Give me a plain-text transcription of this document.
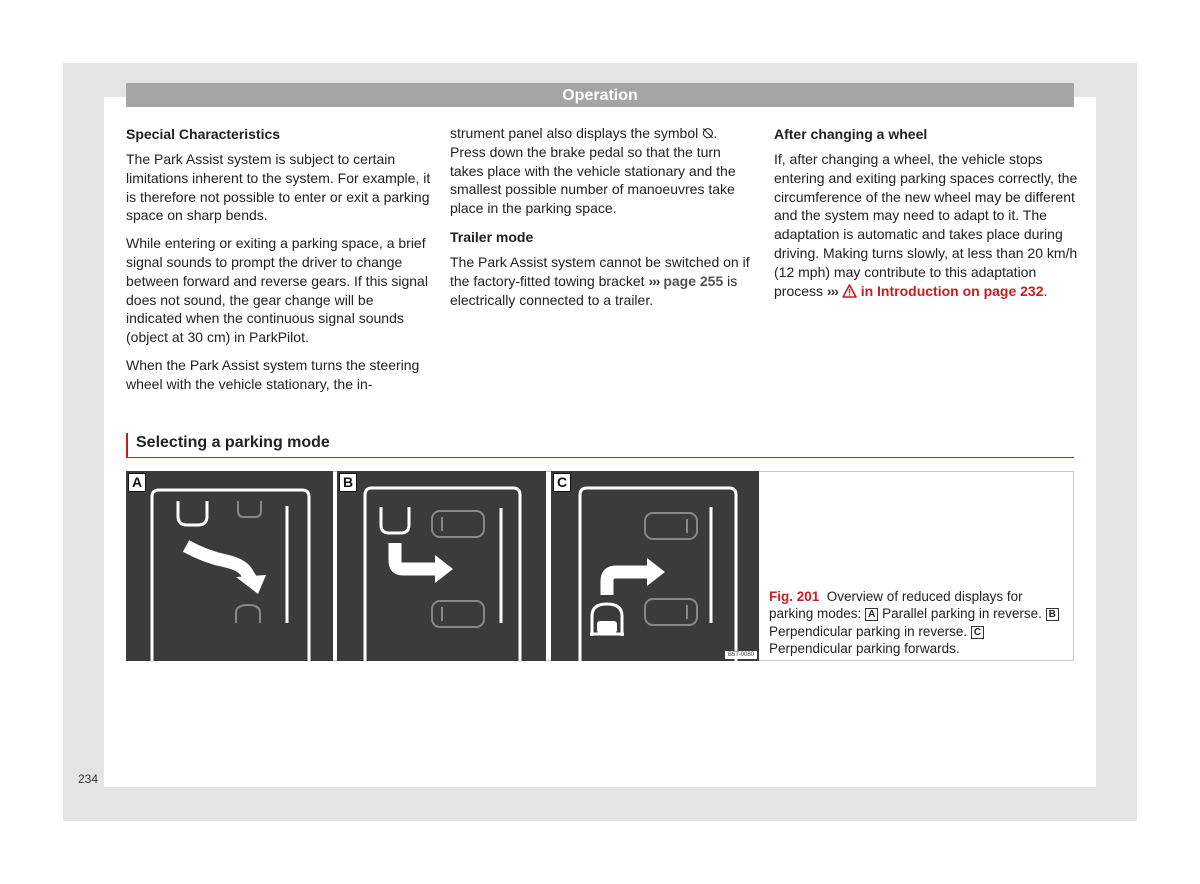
Operation
Special Characteristics

The Park Assist system is subject to certain limitations inherent to the system. For example, it is therefore not possible to enter or exit a parking space on sharp bends.

While entering or exiting a parking space, a brief signal sounds to prompt the driver to change between forward and reverse gears. If this signal does not sound, the gear change will be indicated when the continuous signal sounds (object at 30 cm) in ParkPilot.

When the Park Assist system turns the steering wheel with the vehicle stationary, the in-

strument panel also displays the symbol ⦰. Press down the brake pedal so that the turn takes place with the vehicle stationary and the smallest possible number of manoeuvres take place in the parking space.

Trailer mode

The Park Assist system cannot be switched on if the factory-fitted towing bracket ››› page 255 is electrically connected to a trailer.

After changing a wheel

If, after changing a wheel, the vehicle stops entering and exiting parking spaces correctly, the circumference of the new wheel may be different and the system may need to adapt to it. The adaptation is automatic and takes place during driving. Making turns slowly, at less than 20 km/h (12 mph) may contribute to this adaptation process ››› in Introduction on page 232.

Selecting a parking mode
A	B	C
B5T-0080
Fig. 201 Overview of reduced displays for parking modes: A Parallel parking in reverse. B Perpendicular parking in reverse. C Perpendicular parking forwards.
234
